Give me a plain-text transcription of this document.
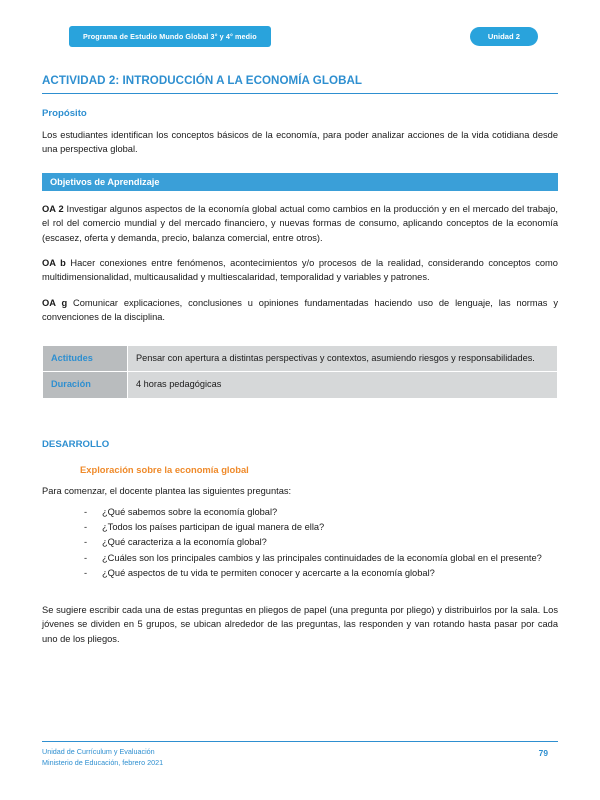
Programa de Estudio Mundo Global 3° y 4° medio	Unidad 2
ACTIVIDAD 2: INTRODUCCIÓN A LA ECONOMÍA GLOBAL
Propósito

Los estudiantes identifican los conceptos básicos de la economía, para poder analizar acciones de la vida cotidiana desde una perspectiva global.

Objetivos de Aprendizaje
OA 2 Investigar algunos aspectos de la economía global actual como cambios en la producción y en el mercado del trabajo, el rol del comercio mundial y del mercado financiero, y nuevas formas de consumo, aplicando conceptos de la economía (escasez, oferta y demanda, precio, balanza comercial, entre otros).
OA b Hacer conexiones entre fenómenos, acontecimientos y/o procesos de la realidad, considerando conceptos como multidimensionalidad, multicausalidad y multiescalaridad, temporalidad y variables y patrones.
OA g Comunicar explicaciones, conclusiones u opiniones fundamentadas haciendo uso de lenguaje, las normas y convenciones de la disciplina.
Actitudes	Pensar con apertura a distintas perspectivas y contextos, asumiendo riesgos y responsabilidades.
Duración	4 horas pedagógicas
DESARROLLO
Exploración sobre la economía global

Para comenzar, el docente plantea las siguientes preguntas:

- ¿Qué sabemos sobre la economía global?
- ¿Todos los países participan de igual manera de ella?
- ¿Qué caracteriza a la economía global?
- ¿Cuáles son los principales cambios y las principales continuidades de la economía global en el presente?
- ¿Qué aspectos de tu vida te permiten conocer y acercarte a la economía global?

Se sugiere escribir cada una de estas preguntas en pliegos de papel (una pregunta por pliego) y distribuirlos por la sala. Los jóvenes se dividen en 5 grupos, se ubican alrededor de las preguntas, las responden y van rotando hasta pasar por cada uno de los pliegos.

Unidad de Currículum y Evaluación
Ministerio de Educación, febrero 2021
79
